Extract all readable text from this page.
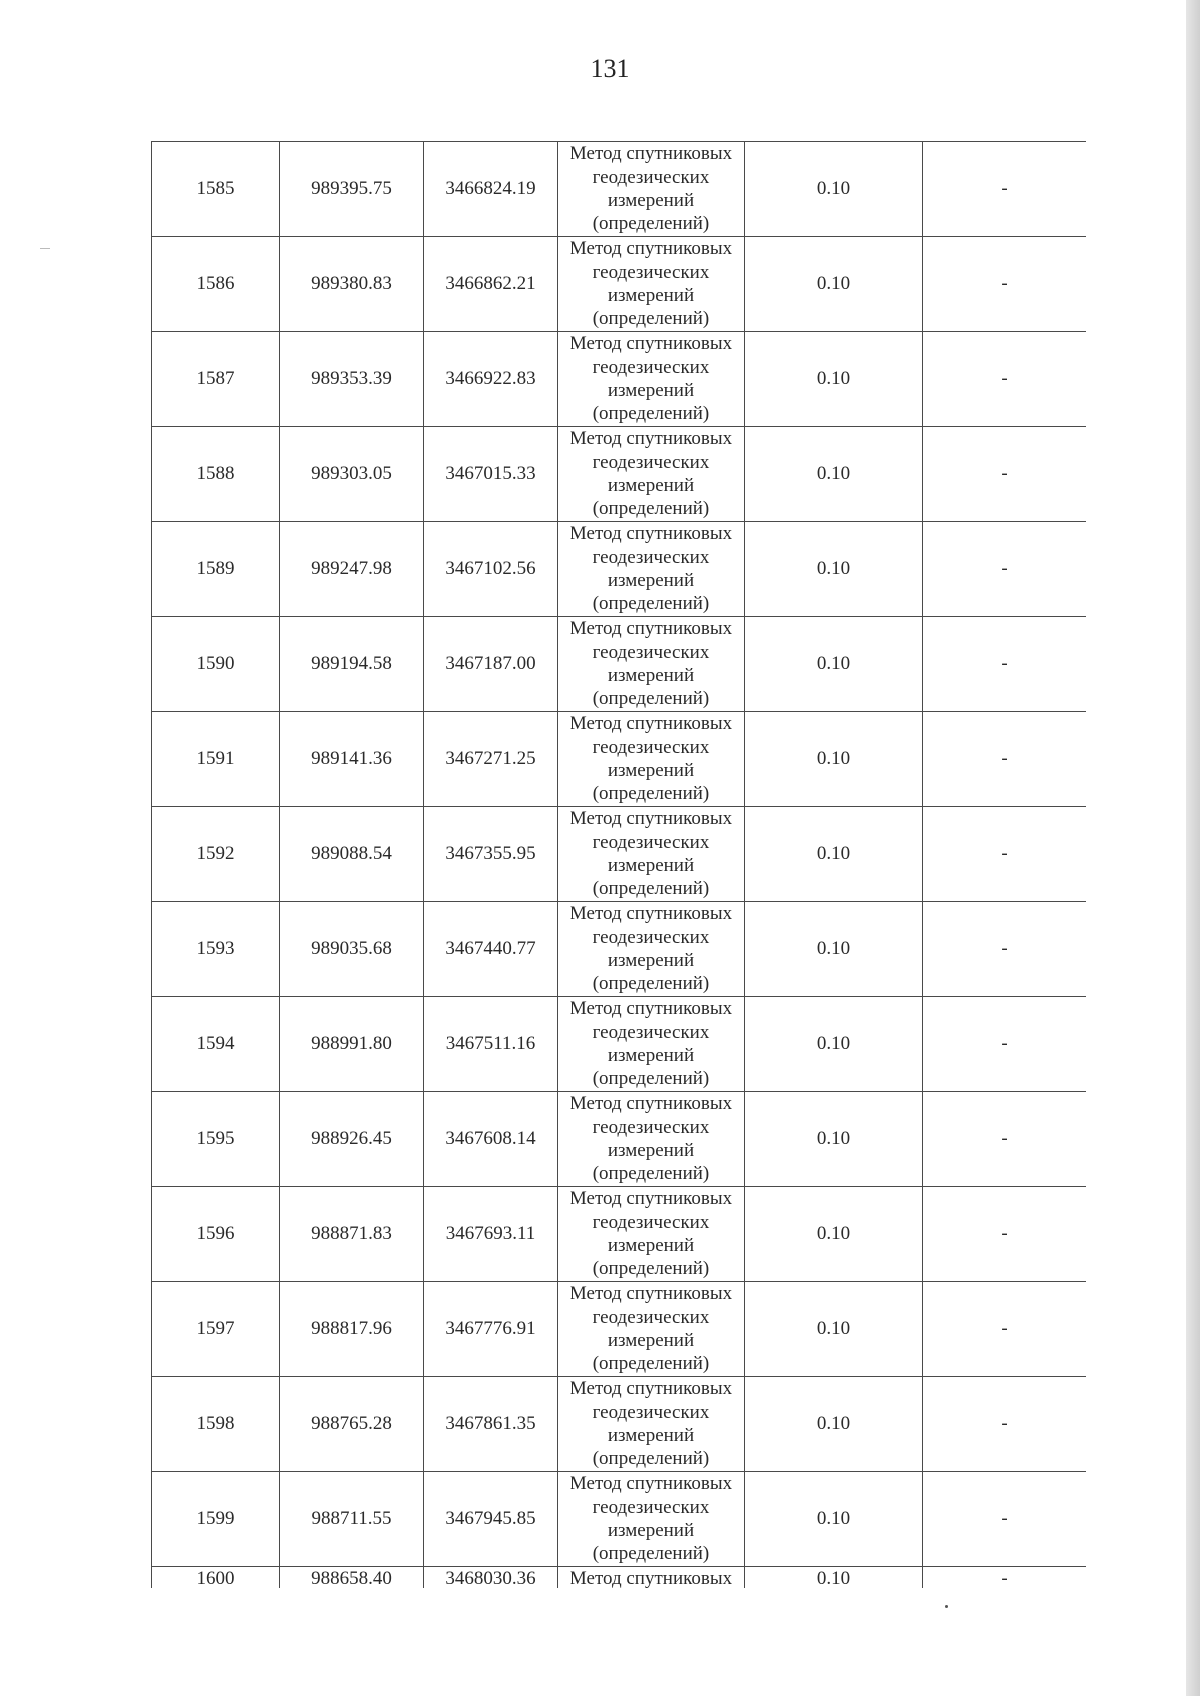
131
1585	989395.75	3466824.19	Метод спутниковых геодезических измерений (определений)	0.10	-
1586	989380.83	3466862.21	Метод спутниковых геодезических измерений (определений)	0.10	-
1587	989353.39	3466922.83	Метод спутниковых геодезических измерений (определений)	0.10	-
1588	989303.05	3467015.33	Метод спутниковых геодезических измерений (определений)	0.10	-
1589	989247.98	3467102.56	Метод спутниковых геодезических измерений (определений)	0.10	-
1590	989194.58	3467187.00	Метод спутниковых геодезических измерений (определений)	0.10	-
1591	989141.36	3467271.25	Метод спутниковых геодезических измерений (определений)	0.10	-
1592	989088.54	3467355.95	Метод спутниковых геодезических измерений (определений)	0.10	-
1593	989035.68	3467440.77	Метод спутниковых геодезических измерений (определений)	0.10	-
1594	988991.80	3467511.16	Метод спутниковых геодезических измерений (определений)	0.10	-
1595	988926.45	3467608.14	Метод спутниковых геодезических измерений (определений)	0.10	-
1596	988871.83	3467693.11	Метод спутниковых геодезических измерений (определений)	0.10	-
1597	988817.96	3467776.91	Метод спутниковых геодезических измерений (определений)	0.10	-
1598	988765.28	3467861.35	Метод спутниковых геодезических измерений (определений)	0.10	-
1599	988711.55	3467945.85	Метод спутниковых геодезических измерений (определений)	0.10	-
1600	988658.40	3468030.36	Метод спутниковых	0.10	-
